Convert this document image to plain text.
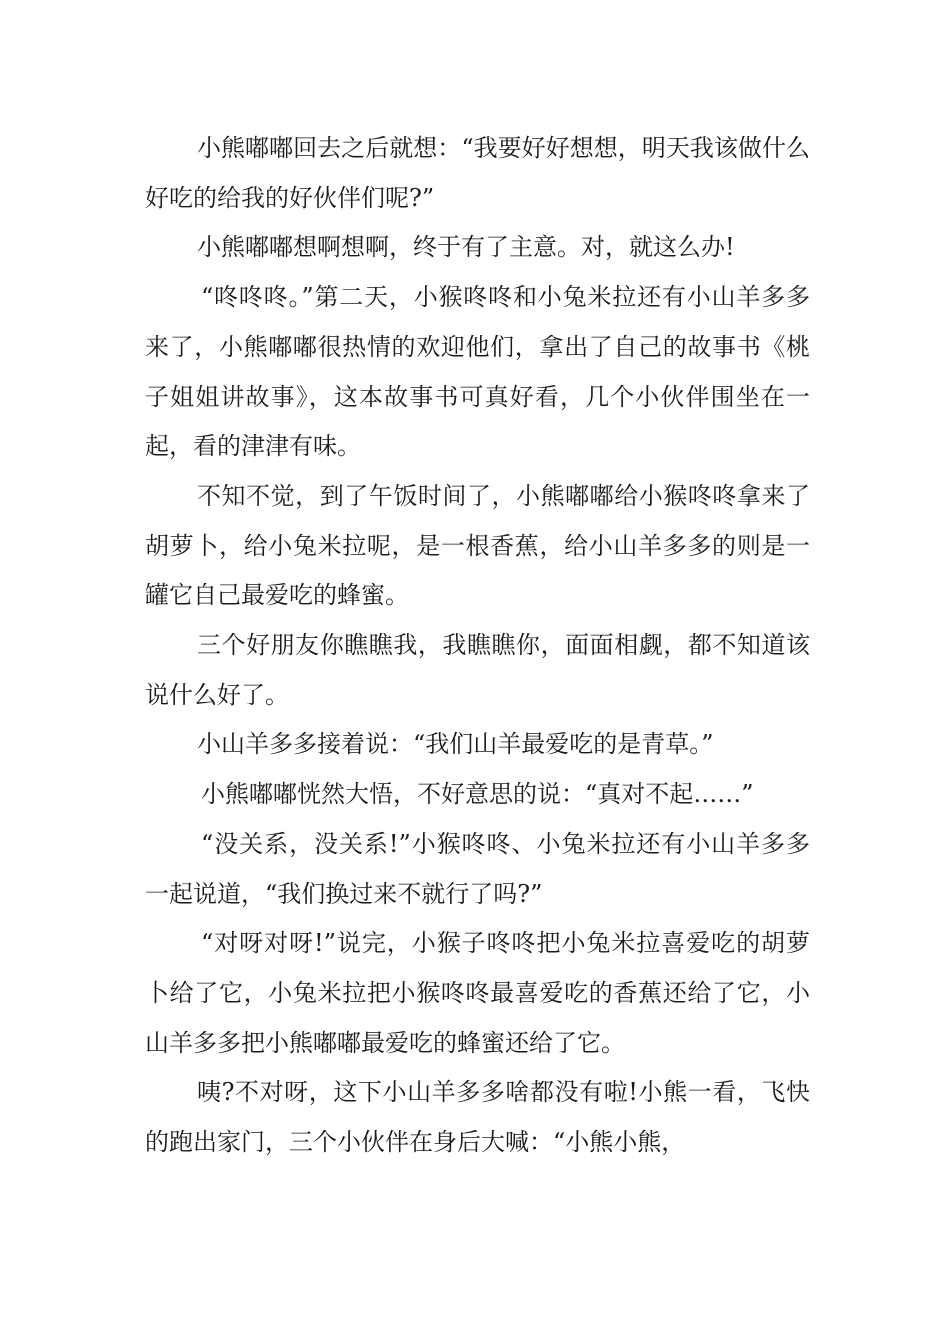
小熊嘟嘟回去之后就想：“我要好好想想，明天我该做什么好吃的给我的好伙伴们呢?”

小熊嘟嘟想啊想啊，终于有了主意。对，就这么办!

“咚咚咚。”第二天，小猴咚咚和小兔米拉还有小山羊多多来了，小熊嘟嘟很热情的欢迎他们，拿出了自己的故事书《桃子姐姐讲故事》，这本故事书可真好看，几个小伙伴围坐在一起，看的津津有味。

不知不觉，到了午饭时间了，小熊嘟嘟给小猴咚咚拿来了胡萝卜，给小兔米拉呢，是一根香蕉，给小山羊多多的则是一罐它自己最爱吃的蜂蜜。

三个好朋友你瞧瞧我，我瞧瞧你，面面相觑，都不知道该说什么好了。

小山羊多多接着说：“我们山羊最爱吃的是青草。”

小熊嘟嘟恍然大悟，不好意思的说：“真对不起……”

“没关系，没关系!”小猴咚咚、小兔米拉还有小山羊多多一起说道，“我们换过来不就行了吗?”

“对呀对呀!”说完，小猴子咚咚把小兔米拉喜爱吃的胡萝卜给了它，小兔米拉把小猴咚咚最喜爱吃的香蕉还给了它，小山羊多多把小熊嘟嘟最爱吃的蜂蜜还给了它。

咦?不对呀，这下小山羊多多啥都没有啦!小熊一看，飞快的跑出家门，三个小伙伴在身后大喊：“小熊小熊，
